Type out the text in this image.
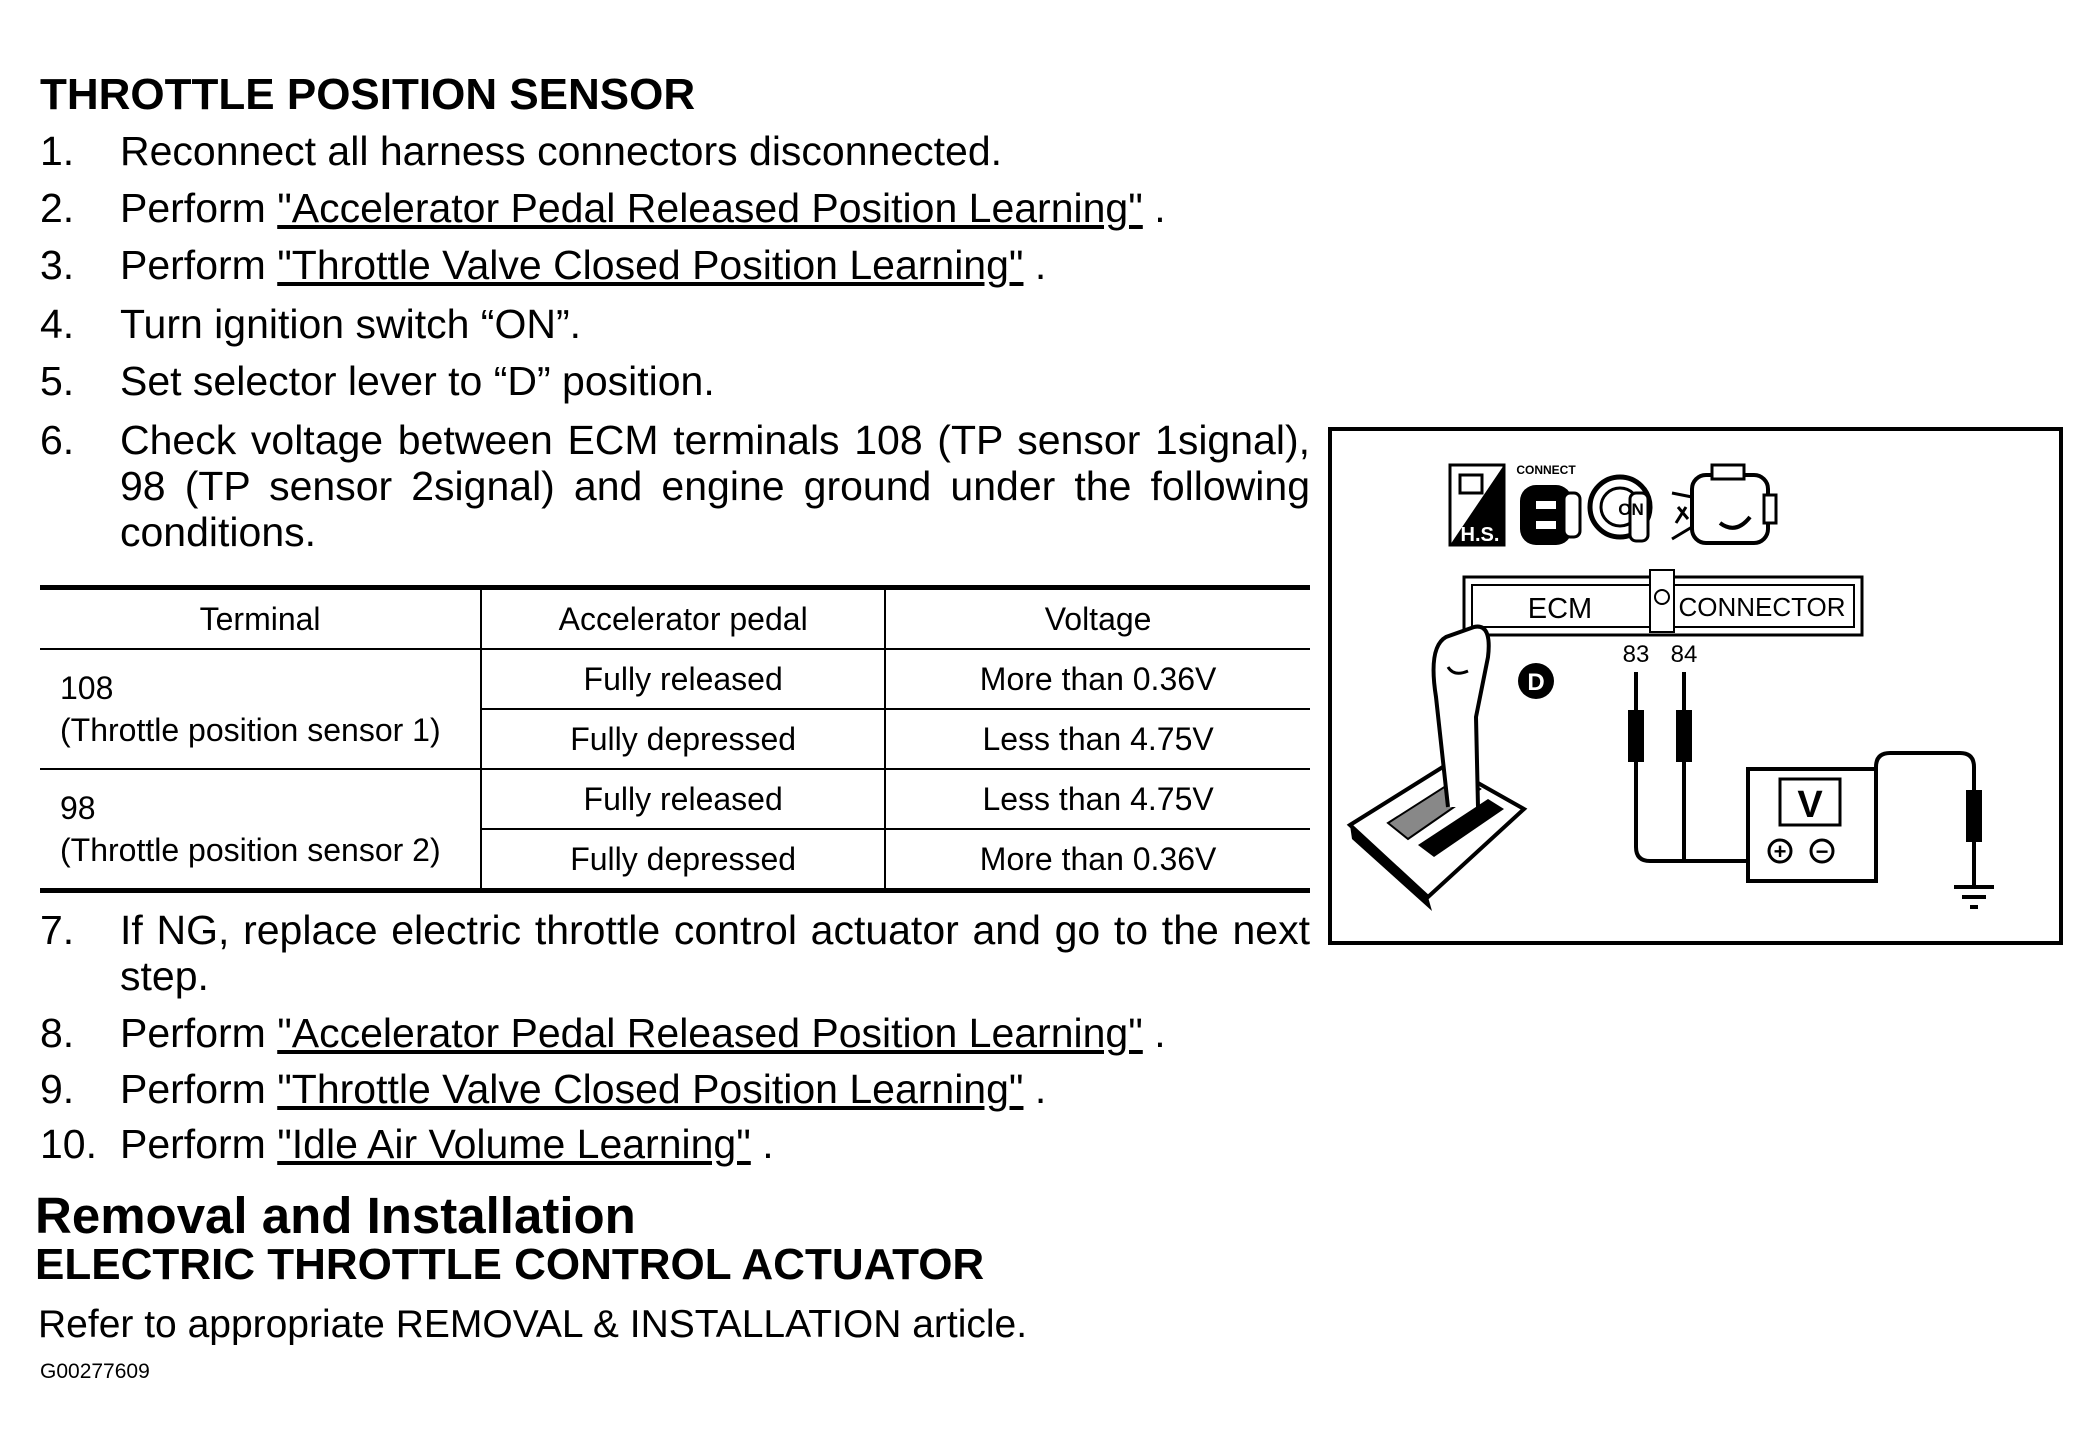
THROTTLE POSITION SENSOR
1. Reconnect all harness connectors disconnected.
2. Perform "Accelerator Pedal Released Position Learning" .
3. Perform "Throttle Valve Closed Position Learning" .
4. Turn ignition switch “ON”.
5. Set selector lever to “D” position.
6. Check voltage between ECM terminals 108 (TP sensor 1signal), 98 (TP sensor 2signal) and engine ground under the following conditions.
7. If NG, replace electric throttle control actuator and go to the next step.
8. Perform "Accelerator Pedal Released Position Learning" .
9. Perform "Throttle Valve Closed Position Learning" .
10. Perform "Idle Air Volume Learning" .
Terminal	Accelerator pedal	Voltage

108
(Throttle position sensor 1)	Fully released	More than 0.36V
	Fully depressed	Less than 4.75V

98
(Throttle position sensor 2)	Fully released	Less than 4.75V
	Fully depressed	More than 0.36V
H.S.
CONNECT
ON
ECM	CONNECTOR
83 84
V
+ −
D
Removal and Installation
ELECTRIC THROTTLE CONTROL ACTUATOR
Refer to appropriate REMOVAL & INSTALLATION article.
G00277609
